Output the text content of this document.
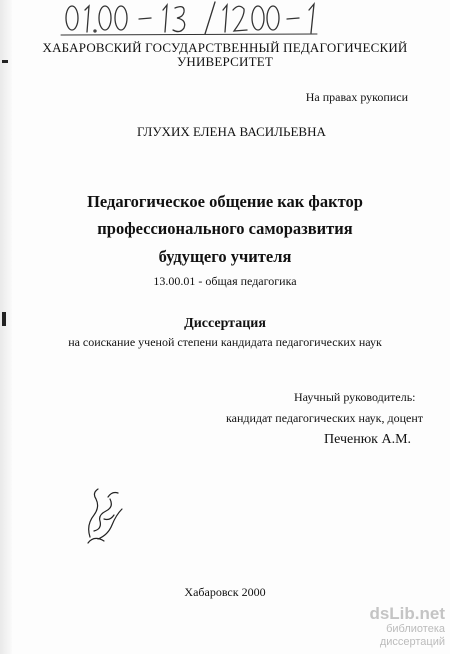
ХАБАРОВСКИЙ ГОСУДАРСТВЕННЫЙ ПЕДАГОГИЧЕСКИЙ
УНИВЕРСИТЕТ
На правах рукописи
ГЛУХИХ ЕЛЕНА ВАСИЛЬЕВНА
Педагогическое общение как фактор
профессионального саморазвития
будущего учителя
13.00.01 - общая педагогика
Диссертация
на соискание ученой степени кандидата педагогических наук
Научный руководитель:
кандидат педагогических наук, доцент
Печенюк А.М.
Хабаровск 2000
dsLib.net
библиотека диссертаций
